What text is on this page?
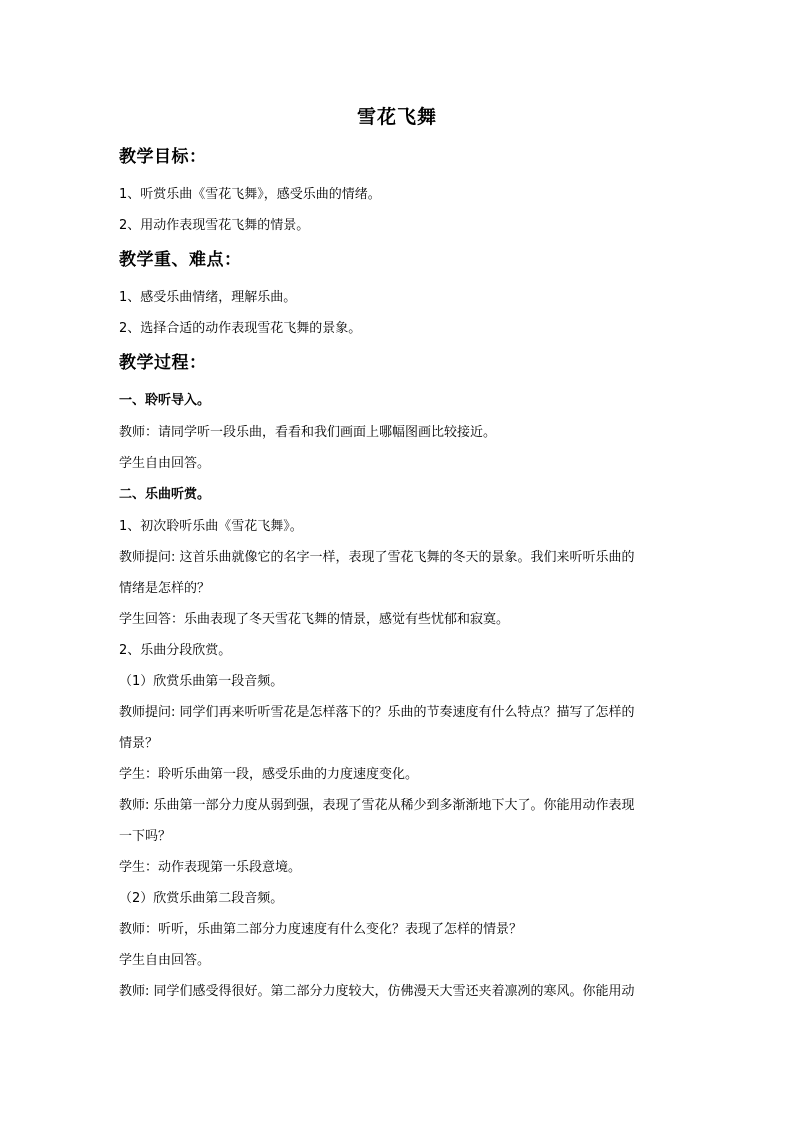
雪花飞舞
教学目标：
1、听赏乐曲《雪花飞舞》，感受乐曲的情绪。
2、用动作表现雪花飞舞的情景。
教学重、难点：
1、感受乐曲情绪，理解乐曲。
2、选择合适的动作表现雪花飞舞的景象。
教学过程：
一、聆听导入。
教师：请同学听一段乐曲，看看和我们画面上哪幅图画比较接近。
学生自由回答。
二、乐曲听赏。
1、初次聆听乐曲《雪花飞舞》。
教师提问: 这首乐曲就像它的名字一样，表现了雪花飞舞的冬天的景象。我们来听听乐曲的
情绪是怎样的？
学生回答：乐曲表现了冬天雪花飞舞的情景，感觉有些忧郁和寂寞。
2、乐曲分段欣赏。
（1）欣赏乐曲第一段音频。
教师提问: 同学们再来听听雪花是怎样落下的？乐曲的节奏速度有什么特点？描写了怎样的
情景？
学生：聆听乐曲第一段，感受乐曲的力度速度变化。
教师: 乐曲第一部分力度从弱到强，表现了雪花从稀少到多渐渐地下大了。你能用动作表现
一下吗？
学生：动作表现第一乐段意境。
（2）欣赏乐曲第二段音频。
教师：听听，乐曲第二部分力度速度有什么变化？表现了怎样的情景？
学生自由回答。
教师: 同学们感受得很好。第二部分力度较大，仿佛漫天大雪还夹着凛冽的寒风。你能用动
